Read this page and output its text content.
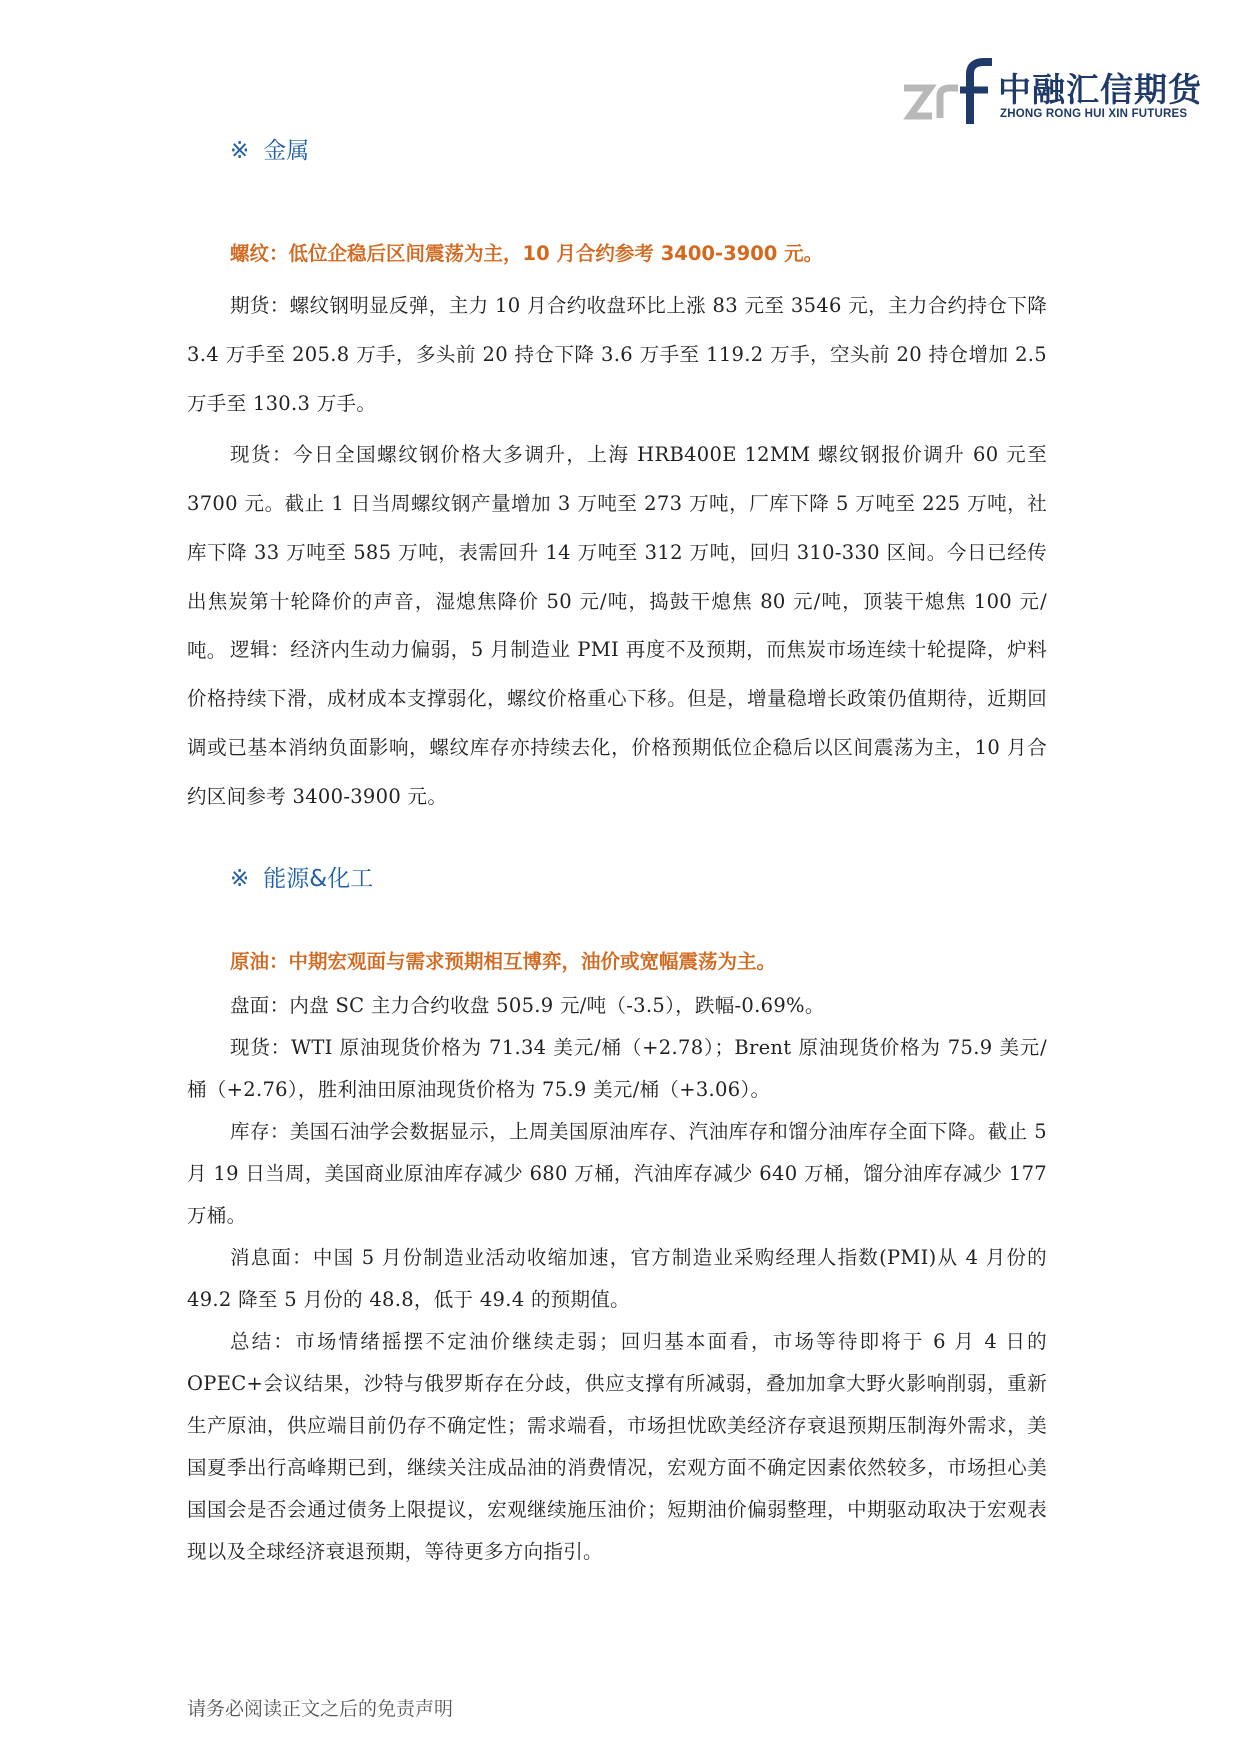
中融汇信期货
ZHONG RONG HUI XIN FUTURES
※ 金属
螺纹：低位企稳后区间震荡为主，10 月合约参考 3400-3900 元。

期货：螺纹钢明显反弹，主力 10 月合约收盘环比上涨 83 元至 3546 元，主力合约持仓下降 3.4 万手至 205.8 万手，多头前 20 持仓下降 3.6 万手至 119.2 万手，空头前 20 持仓增加 2.5 万手至 130.3 万手。

现货：今日全国螺纹钢价格大多调升，上海 HRB400E 12MM 螺纹钢报价调升 60 元至 3700 元。截止 1 日当周螺纹钢产量增加 3 万吨至 273 万吨，厂库下降 5 万吨至 225 万吨，社库下降 33 万吨至 585 万吨，表需回升 14 万吨至 312 万吨，回归 310-330 区间。今日已经传出焦炭第十轮降价的声音，湿熄焦降价 50 元/吨，捣鼓干熄焦 80 元/吨，顶装干熄焦 100 元/吨。 逻辑：经济内生动力偏弱，5 月制造业 PMI 再度不及预期，而焦炭市场连续十轮提降，炉料价格持续下滑，成材成本支撑弱化，螺纹价格重心下移。但是，增量稳增长政策仍值期待，近期回调或已基本消纳负面影响，螺纹库存亦持续去化，价格预期低位企稳后以区间震荡为主，10 月合约区间参考 3400-3900 元。

※ 能源&化工
原油：中期宏观面与需求预期相互博弈，油价或宽幅震荡为主。

盘面：内盘 SC 主力合约收盘 505.9 元/吨（-3.5），跌幅-0.69%。

现货：WTI 原油现货价格为 71.34 美元/桶（+2.78）；Brent 原油现货价格为 75.9 美元/桶（+2.76），胜利油田原油现货价格为 75.9 美元/桶（+3.06）。

库存：美国石油学会数据显示，上周美国原油库存、汽油库存和馏分油库存全面下降。截止 5 月 19 日当周，美国商业原油库存减少 680 万桶，汽油库存减少 640 万桶，馏分油库存减少 177 万桶。

消息面：中国 5 月份制造业活动收缩加速，官方制造业采购经理人指数(PMI)从 4 月份的 49.2 降至 5 月份的 48.8，低于 49.4 的预期值。

总结：市场情绪摇摆不定油价继续走弱；回归基本面看，市场等待即将于 6 月 4 日的 OPEC+会议结果，沙特与俄罗斯存在分歧，供应支撑有所减弱，叠加加拿大野火影响削弱，重新生产原油，供应端目前仍存不确定性；需求端看，市场担忧欧美经济存衰退预期压制海外需求，美国夏季出行高峰期已到，继续关注成品油的消费情况，宏观方面不确定因素依然较多，市场担心美国国会是否会通过债务上限提议，宏观继续施压油价；短期油价偏弱整理，中期驱动取决于宏观表现以及全球经济衰退预期，等待更多方向指引。

请务必阅读正文之后的免责声明
